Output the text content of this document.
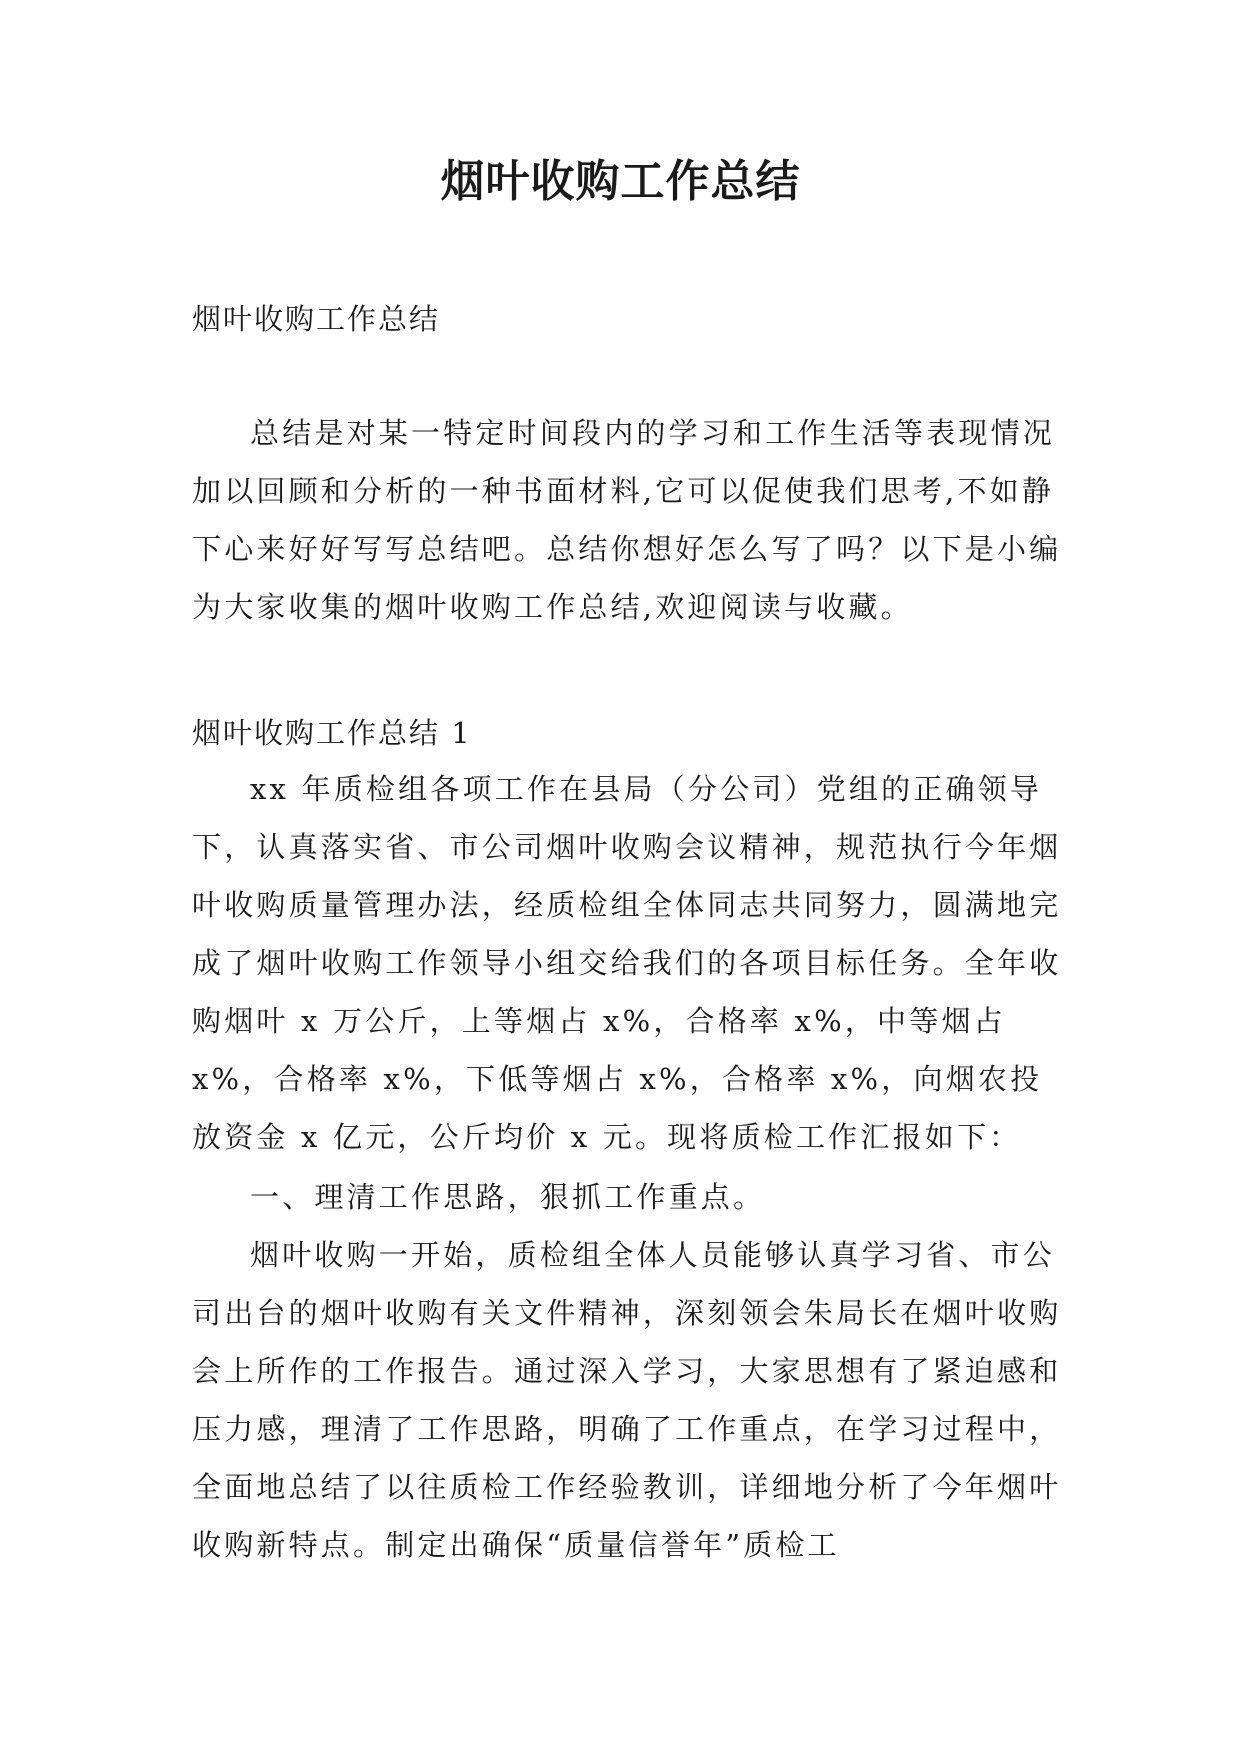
烟叶收购工作总结

烟叶收购工作总结

总结是对某一特定时间段内的学习和工作生活等表现情况加以回顾和分析的一种书面材料,它可以促使我们思考,不如静下心来好好写写总结吧。总结你想好怎么写了吗？以下是小编为大家收集的烟叶收购工作总结,欢迎阅读与收藏。

烟叶收购工作总结 1

xx 年质检组各项工作在县局（分公司）党组的正确领导下，认真落实省、市公司烟叶收购会议精神，规范执行今年烟叶收购质量管理办法，经质检组全体同志共同努力，圆满地完成了烟叶收购工作领导小组交给我们的各项目标任务。全年收购烟叶 x 万公斤，上等烟占 x%，合格率 x%，中等烟占 x%，合格率 x%，下低等烟占 x%，合格率 x%，向烟农投放资金 x 亿元，公斤均价 x 元。现将质检工作汇报如下：

一、理清工作思路，狠抓工作重点。

烟叶收购一开始，质检组全体人员能够认真学习省、市公司出台的烟叶收购有关文件精神，深刻领会朱局长在烟叶收购会上所作的工作报告。通过深入学习，大家思想有了紧迫感和压力感，理清了工作思路，明确了工作重点，在学习过程中，全面地总结了以往质检工作经验教训，详细地分析了今年烟叶收购新特点。制定出确保“质量信誉年”质检工
